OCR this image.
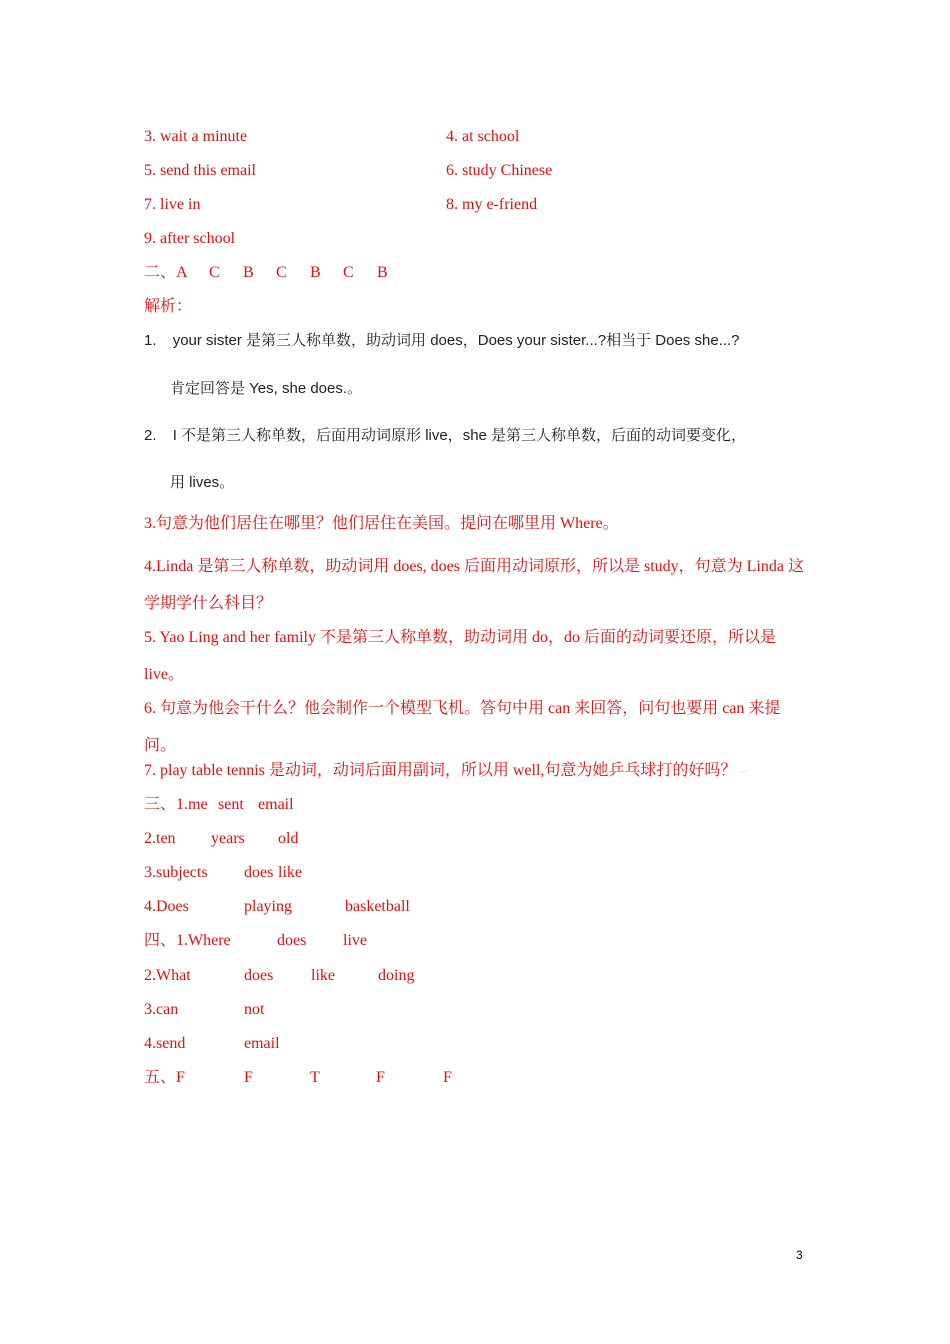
3. wait a minute	4. at school
5. send this email	6. study Chinese
7. live in	8. my e-friend
9. after school
二、A C B C B C B
解析：
1. your sister 是第三人称单数，助动词用 does，Does your sister...?相当于 Does she...?
肯定回答是 Yes, she does.。
2. I 不是第三人称单数，后面用动词原形 live，she 是第三人称单数，后面的动词要变化，
用 lives。
3.句意为他们居住在哪里？他们居住在美国。提问在哪里用 Where。
4.Linda 是第三人称单数，助动词用 does, does 后面用动词原形，所以是 study，句意为 Linda 这学期学什么科目？
5. Yao Ling and her family 不是第三人称单数，助动词用 do，do 后面的动词要还原，所以是 live。
6. 句意为他会干什么？他会制作一个模型飞机。答句中用 can 来回答，问句也要用 can 来提问。
7. play table tennis 是动词，动词后面用副词，所以用 well,句意为她乒乓球打的好吗？ ······
三、1.me sent email
2.ten years old
3.subjects does like
4.Does	playing	basketball
四、1.Where	does live
2.What	does like	doing
3.can	not
4.send	email
五、F	F	T	F	F
3
